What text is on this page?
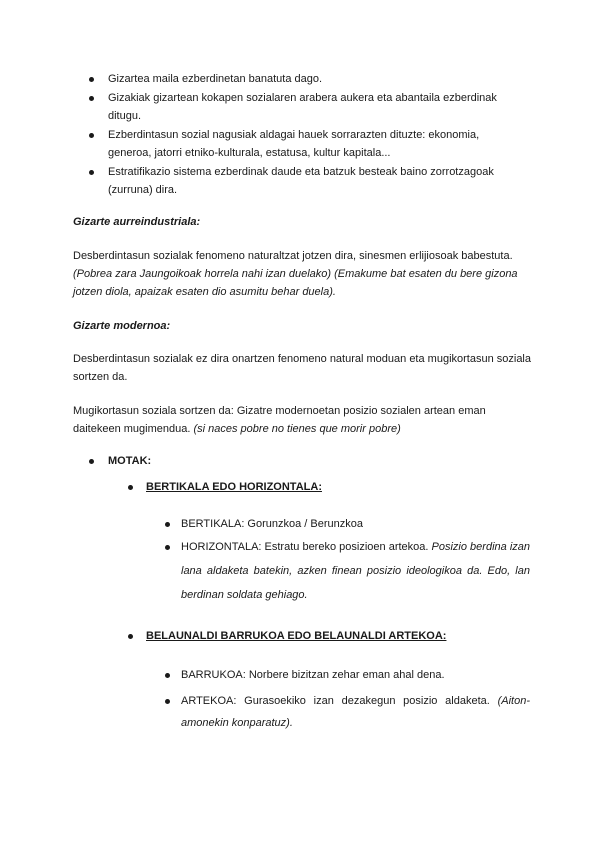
Gizartea maila ezberdinetan banatuta dago.
Gizakiak gizartean kokapen sozialaren arabera aukera eta abantaila ezberdinak ditugu.
Ezberdintasun sozial nagusiak aldagai hauek sorrarazten dituzte: ekonomia, generoa, jatorri etniko-kulturala, estatusa, kultur kapitala...
Estratifikazio sistema ezberdinak daude eta batzuk besteak baino zorrotzagoak (zurruna) dira.
Gizarte aurreindustriala:
Desberdintasun sozialak fenomeno naturaltzat jotzen dira, sinesmen erlijiosoak babestuta. (Pobrea zara Jaungoikoak horrela nahi izan duelako) (Emakume bat esaten du bere gizona jotzen diola, apaizak esaten dio asumitu behar duela).
Gizarte modernoa:
Desberdintasun sozialak ez dira onartzen fenomeno natural moduan eta mugikortasun soziala sortzen da.
Mugikortasun soziala sortzen da: Gizatre modernoetan posizio sozialen artean eman daitekeen mugimendua. (si naces pobre no tienes que morir pobre)
MOTAK:
BERTIKALA EDO HORIZONTALA:
BERTIKALA: Gorunzkoa / Berunzkoa
HORIZONTALA: Estratu bereko posizioen artekoa. Posizio berdina izan lana aldaketa batekin, azken finean posizio ideologikoa da. Edo, lan berdinan soldata gehiago.
BELAUNALDI BARRUKOA EDO BELAUNALDI ARTEKOA:
BARRUKOA: Norbere bizitzan zehar eman ahal dena.
ARTEKOA: Gurasoekiko izan dezakegun posizio aldaketa. (Aiton-amonekin konparatuz).
